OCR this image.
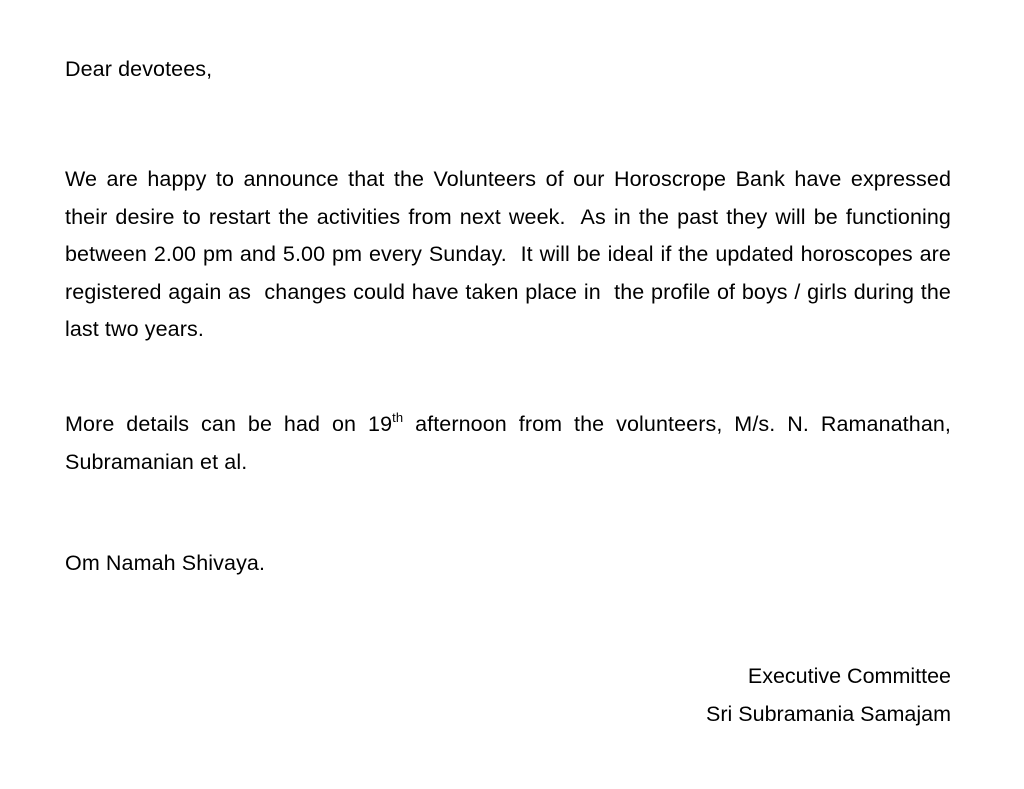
Dear devotees,
We are happy to announce that the Volunteers of our Horoscrope Bank have expressed their desire to restart the activities from next week.  As in the past they will be functioning between 2.00 pm and 5.00 pm every Sunday.  It will be ideal if the updated horoscopes are registered again as  changes could have taken place in  the profile of boys / girls during the last two years.
More details can be had on 19th afternoon from the volunteers, M/s. N. Ramanathan, Subramanian et al.
Om Namah Shivaya.
Executive Committee
Sri Subramania Samajam
